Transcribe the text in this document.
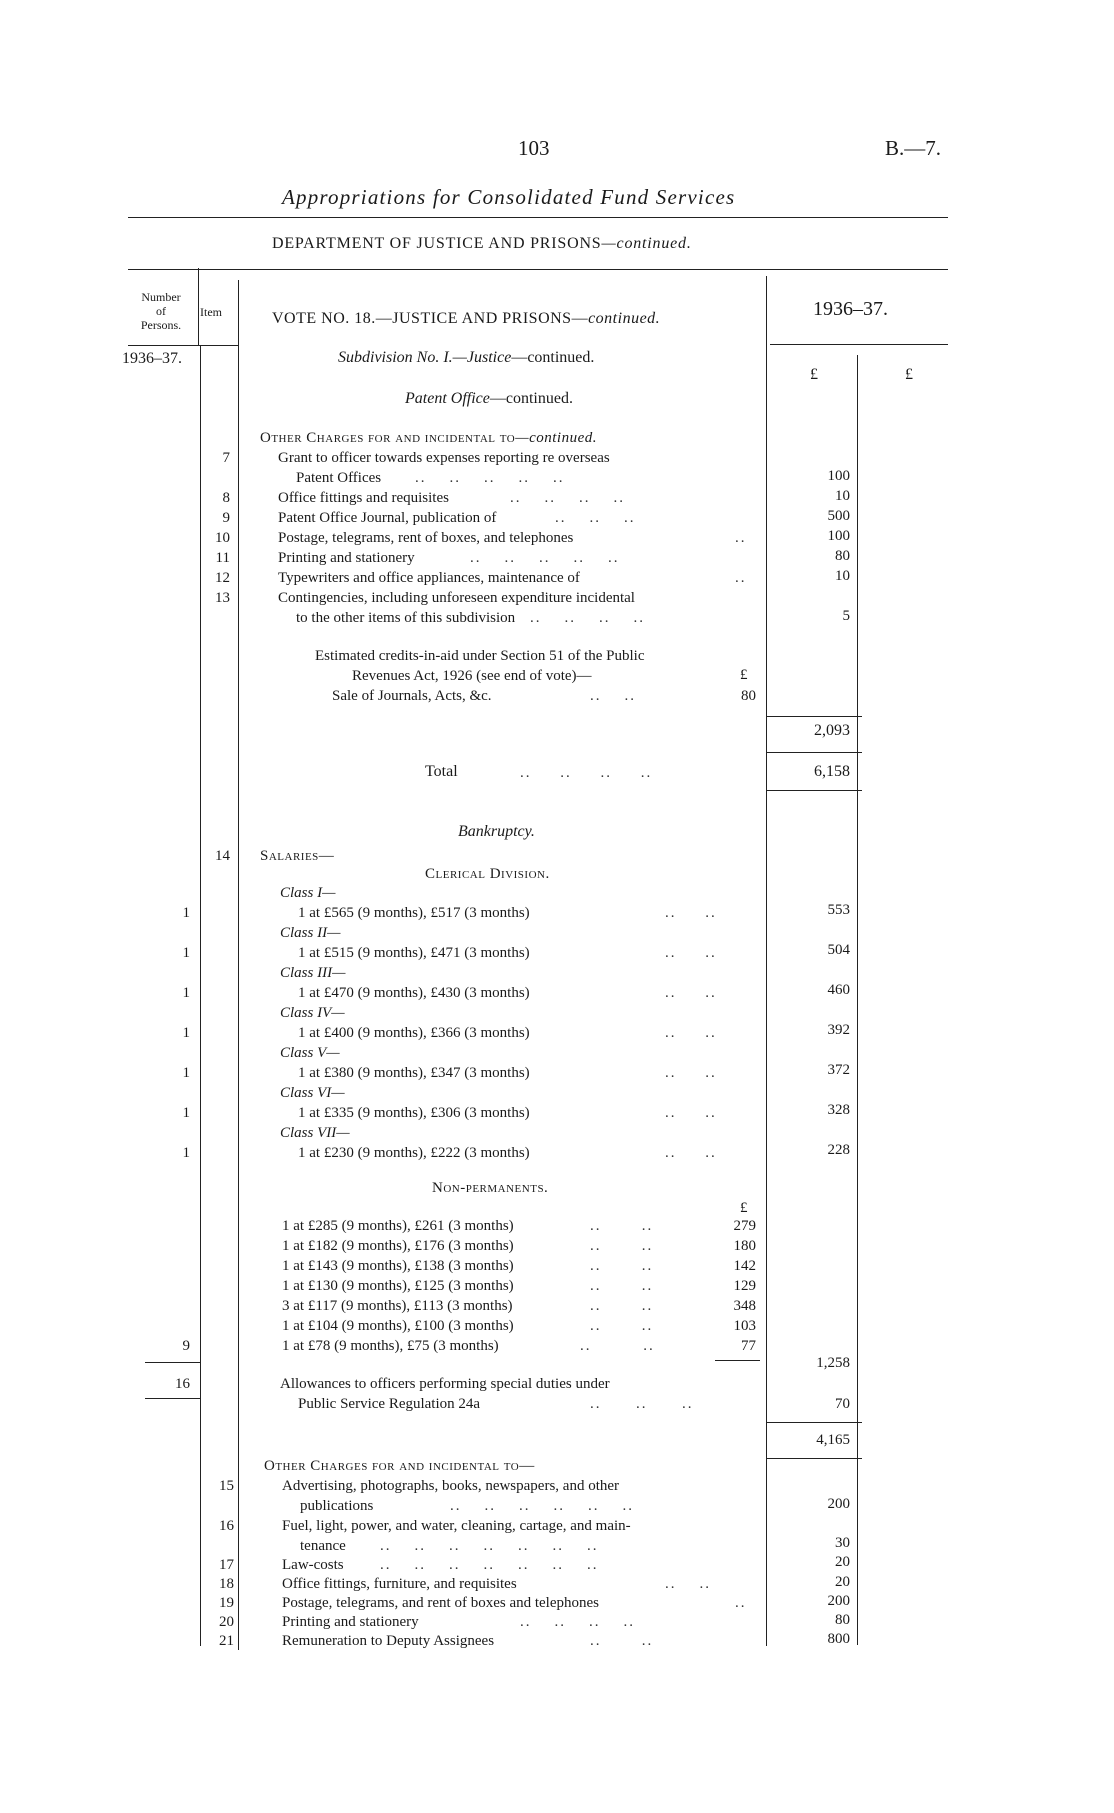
103	B.—7.
Appropriations for Consolidated Fund Services
DEPARTMENT OF JUSTICE AND PRISONS—continued.
Number
of
Persons.
Item	VOTE NO. 18.—JUSTICE AND PRISONS—continued.	1936–37.
1936–37.
£	£
Subdivision No. I.—Justice—continued.
Patent Office—continued.
Other Charges for and incidental to—continued.
7	Grant to officer towards expenses reporting re overseas
Patent Offices ..    ..    ..    ..    ..	100
8	Office fittings and requisites	..    ..    ..    ..	10
9	Patent Office Journal, publication of	..    ..    ..	500
10	Postage, telegrams, rent of boxes, and telephones	..	100
11	Printing and stationery	..    ..    ..    ..    ..	80
12	Typewriters and office appliances, maintenance of	..	10
13	Contingencies, including unforeseen expenditure incidental
to the other items of this subdivision ..    ..    ..    ..	5
Estimated credits-in-aid under Section 51 of the Public
Revenues Act, 1926 (see end of vote)—	£
Sale of Journals, Acts, &c.	..    ..	80
2,093
Total	..     ..     ..     ..	6,158
Bankruptcy.
14 Salaries—
Clerical Division.
Class I—
1	1 at £565 (9 months), £517 (3 months)	..     ..	553
Class II—
1	1 at £515 (9 months), £471 (3 months)	..     ..	504
Class III—
1	1 at £470 (9 months), £430 (3 months)	..     ..	460
Class IV—
1	1 at £400 (9 months), £366 (3 months)	..     ..	392
Class V—
1	1 at £380 (9 months), £347 (3 months)	..     ..	372
Class VI—
1	1 at £335 (9 months), £306 (3 months)	..     ..	328
Class VII—
1	1 at £230 (9 months), £222 (3 months)	..     ..	228
Non-permanents.
£
1 at £285 (9 months), £261 (3 months)	..       ..	279
1 at £182 (9 months), £176 (3 months)	..       ..	180
1 at £143 (9 months), £138 (3 months)	..       ..	142
1 at £130 (9 months), £125 (3 months)	..       ..	129
3 at £117 (9 months), £113 (3 months)	..       ..	348
1 at £104 (9 months), £100 (3 months)	..       ..	103
9	1 at £78 (9 months), £75 (3 months)	..         ..	77
1,258
16	Allowances to officers performing special duties under
Public Service Regulation 24a	..      ..      ..	70
4,165
Other Charges for and incidental to—
15	Advertising, photographs, books, newspapers, and other
publications	..    ..    ..    ..    ..    ..	200
16	Fuel, light, power, and water, cleaning, cartage, and main-
tenance ..    ..    ..    ..    ..    ..    ..	30
17	Law-costs ..    ..    ..    ..    ..    ..    ..	20
18	Office fittings, furniture, and requisites	..    ..	20
19	Postage, telegrams, and rent of boxes and telephones	..	200
20	Printing and stationery	..    ..    ..    ..	80
21	Remuneration to Deputy Assignees	..       ..	800
